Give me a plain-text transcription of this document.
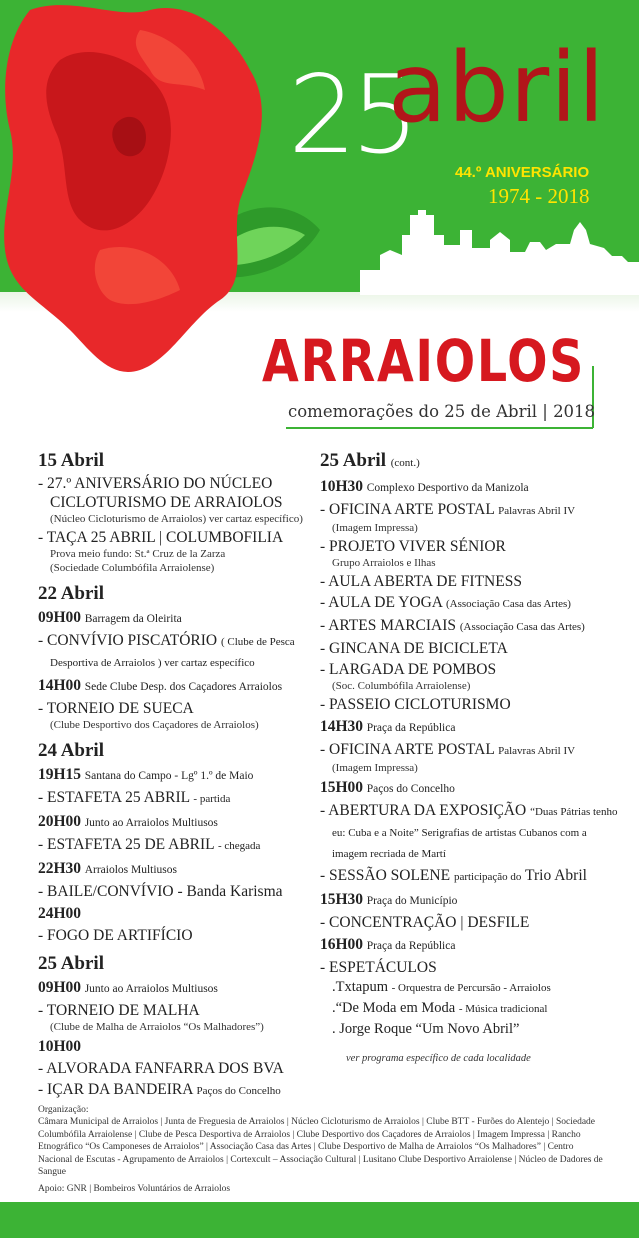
25
abril
44.º ANIVERSÁRIO
1974 - 2018
ARRAIOLOS
comemorações do 25 de Abril | 2018
15 Abril
- 27.º ANIVERSÁRIO DO NÚCLEO CICLOTURISMO DE ARRAIOLOS
(Núcleo Cicloturismo de Arraiolos) ver cartaz específico)
- TAÇA 25 ABRIL | COLUMBOFILIA
Prova meio fundo: St.ª Cruz de la Zarza
(Sociedade Columbófila Arraiolense)
22 Abril
09H00 Barragem da Oleirita
- CONVÍVIO PISCATÓRIO ( Clube de Pesca Desportiva de Arraiolos ) ver cartaz específico
14H00 Sede Clube Desp. dos Caçadores Arraiolos
- TORNEIO DE SUECA
(Clube Desportivo dos Caçadores de Arraiolos)
24 Abril
19H15 Santana do Campo - Lgº 1.º de Maio
- ESTAFETA 25 ABRIL - partida
20H00 Junto ao Arraiolos Multiusos
- ESTAFETA 25 DE ABRIL - chegada
22H30 Arraiolos Multiusos
- BAILE/CONVÍVIO - Banda Karisma
24H00
- FOGO DE ARTIFÍCIO
25 Abril
09H00 Junto ao Arraiolos Multiusos
- TORNEIO DE MALHA
(Clube de Malha de Arraiolos “Os Malhadores”)
10H00
- ALVORADA FANFARRA DOS BVA
- IÇAR DA BANDEIRA Paços do Concelho
25 Abril (cont.)
10H30 Complexo Desportivo da Manizola
- OFICINA ARTE POSTAL Palavras Abril IV
(Imagem Impressa)
- PROJETO VIVER SÉNIOR
Grupo Arraiolos e Ilhas
- AULA ABERTA DE FITNESS
- AULA DE YOGA (Associação Casa das Artes)
- ARTES MARCIAIS (Associação Casa das Artes)
- GINCANA DE BICICLETA
- LARGADA DE POMBOS
(Soc. Columbófila Arraiolense)
- PASSEIO CICLOTURISMO
14H30 Praça da República
- OFICINA ARTE POSTAL Palavras Abril IV
(Imagem Impressa)
15H00 Paços do Concelho
- ABERTURA DA EXPOSIÇÃO “Duas Pátrias tenho eu: Cuba e a Noite” Serigrafias de artistas Cubanos com a imagem recriada de Martí
- SESSÃO SOLENE participação do Trio Abril
15H30 Praça do Município
- CONCENTRAÇÃO | DESFILE
16H00 Praça da República
- ESPETÁCULOS
.Txtapum - Orquestra de Percursão - Arraiolos
.“De Moda em Moda - Música tradicional
. Jorge Roque “Um Novo Abril”
ver programa específico de cada localidade
Organização:
Câmara Municipal de Arraiolos | Junta de Freguesia de Arraiolos | Núcleo Cicloturismo de Arraiolos | Clube BTT - Furões do Alentejo | Sociedade Columbófila Arraiolense | Clube de Pesca Desportiva de Arraiolos | Clube Desportivo dos Caçadores de Arraiolos | Imagem Impressa | Rancho Etnográfico “Os Camponeses de Arraiolos” | Associação Casa das Artes | Clube Desportivo de Malha de Arraiolos “Os Malhadores” | Centro Nacional de Escutas - Agrupamento de Arraiolos | Cortexcult – Associação Cultural | Lusitano Clube Desportivo Arraiolense | Núcleo de Dadores de Sangue
Apoio: GNR | Bombeiros Voluntários de Arraiolos
